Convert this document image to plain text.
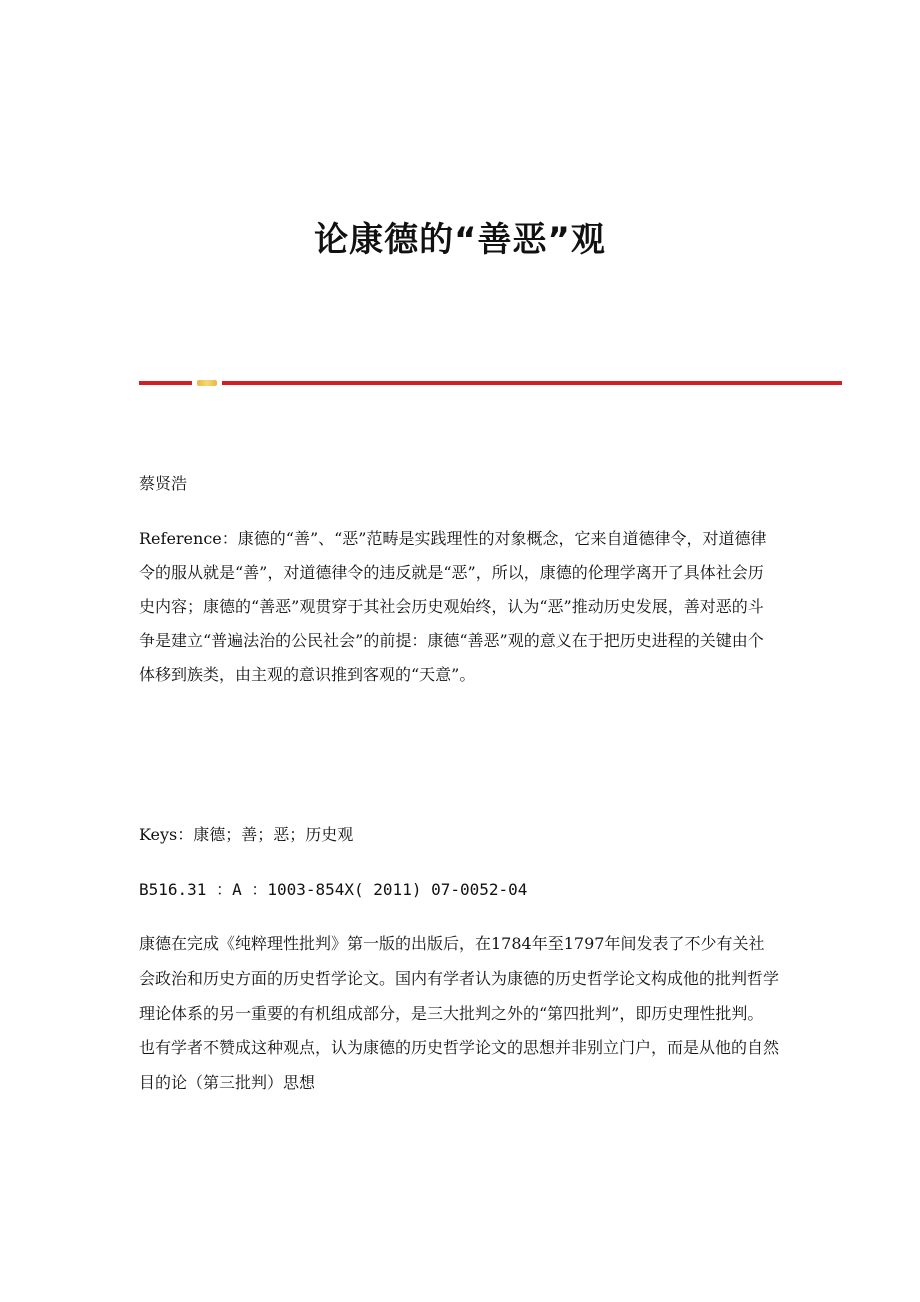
论康德的“善恶”观

蔡贤浩

Reference：康德的“善”、“恶”范畴是实践理性的对象概念，它来自道德律令，对道德律令的服从就是“善”，对道德律令的违反就是“恶”，所以，康德的伦理学离开了具体社会历史内容；康德的“善恶”观贯穿于其社会历史观始终，认为“恶”推动历史发展，善对恶的斗争是建立“普遍法治的公民社会”的前提：康德“善恶”观的意义在于把历史进程的关键由个体移到族类，由主观的意识推到客观的“天意”。

Keys：康德；善；恶；历史观

B516.31 ：A ：1003-854X( 2011) 07-0052-04

康德在完成《纯粹理性批判》第一版的出版后，在1784年至1797年间发表了不少有关社会政治和历史方面的历史哲学论文。国内有学者认为康德的历史哲学论文构成他的批判哲学理论体系的另一重要的有机组成部分，是三大批判之外的“第四批判”，即历史理性批判。也有学者不赞成这种观点，认为康德的历史哲学论文的思想并非别立门户，而是从他的自然目的论（第三批判）思想
